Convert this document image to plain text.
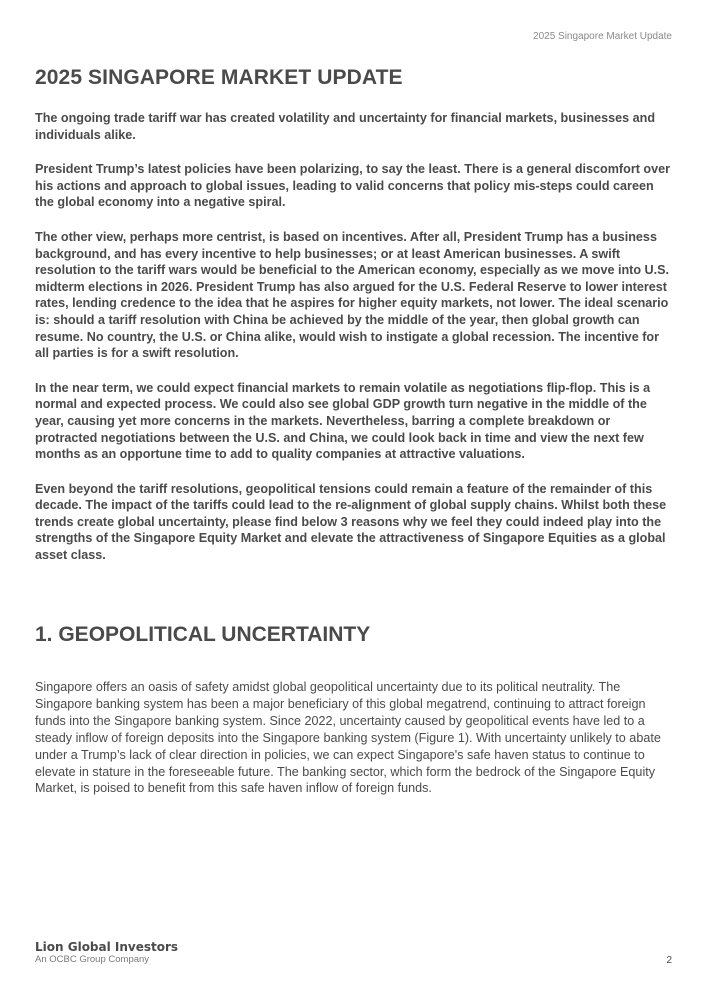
2025 Singapore Market Update
2025 SINGAPORE MARKET UPDATE

The ongoing trade tariff war has created volatility and uncertainty for financial markets, businesses and individuals alike.

President Trump’s latest policies have been polarizing, to say the least. There is a general discomfort over his actions and approach to global issues, leading to valid concerns that policy mis-steps could careen the global economy into a negative spiral.

The other view, perhaps more centrist, is based on incentives. After all, President Trump has a business background, and has every incentive to help businesses; or at least American businesses. A swift resolution to the tariff wars would be beneficial to the American economy, especially as we move into U.S. midterm elections in 2026. President Trump has also argued for the U.S. Federal Reserve to lower interest rates, lending credence to the idea that he aspires for higher equity markets, not lower. The ideal scenario is: should a tariff resolution with China be achieved by the middle of the year, then global growth can resume. No country, the U.S. or China alike, would wish to instigate a global recession. The incentive for all parties is for a swift resolution.

In the near term, we could expect financial markets to remain volatile as negotiations flip-flop. This is a normal and expected process. We could also see global GDP growth turn negative in the middle of the year, causing yet more concerns in the markets. Nevertheless, barring a complete breakdown or protracted negotiations between the U.S. and China, we could look back in time and view the next few months as an opportune time to add to quality companies at attractive valuations.

Even beyond the tariff resolutions, geopolitical tensions could remain a feature of the remainder of this decade. The impact of the tariffs could lead to the re-alignment of global supply chains. Whilst both these trends create global uncertainty, please find below 3 reasons why we feel they could indeed play into the strengths of the Singapore Equity Market and elevate the attractiveness of Singapore Equities as a global asset class.

1. GEOPOLITICAL UNCERTAINTY

Singapore offers an oasis of safety amidst global geopolitical uncertainty due to its political neutrality. The Singapore banking system has been a major beneficiary of this global megatrend, continuing to attract foreign funds into the Singapore banking system. Since 2022, uncertainty caused by geopolitical events have led to a steady inflow of foreign deposits into the Singapore banking system (Figure 1). With uncertainty unlikely to abate under a Trump’s lack of clear direction in policies, we can expect Singapore's safe haven status to continue to elevate in stature in the foreseeable future. The banking sector, which form the bedrock of the Singapore Equity Market, is poised to benefit from this safe haven inflow of foreign funds.

Lion Global Investors
An OCBC Group Company	2
